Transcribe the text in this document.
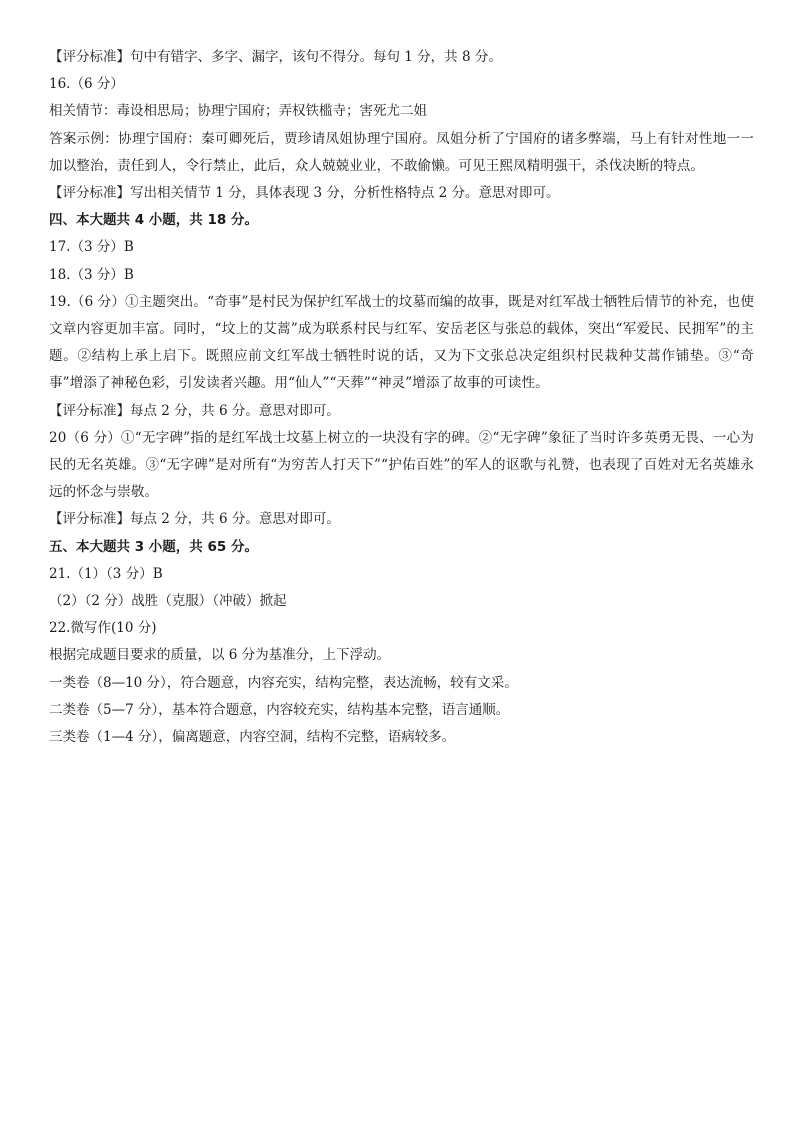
【评分标准】句中有错字、多字、漏字，该句不得分。每句 1 分，共 8 分。
16.（6 分）
相关情节：毒设相思局；协理宁国府；弄权铁槛寺；害死尤二姐
答案示例：协理宁国府：秦可卿死后，贾珍请凤姐协理宁国府。凤姐分析了宁国府的诸多弊端，马上有针对性地一一加以整治，责任到人，令行禁止，此后，众人兢兢业业，不敢偷懒。可见王熙凤精明强干，杀伐决断的特点。
【评分标准】写出相关情节 1 分，具体表现 3 分，分析性格特点 2 分。意思对即可。
四、本大题共 4 小题，共 18 分。
17.（3 分）B
18.（3 分）B
19.（6 分）①主题突出。“奇事”是村民为保护红军战士的坟墓而编的故事，既是对红军战士牺牲后情节的补充，也使文章内容更加丰富。同时，“坟上的艾蒿”成为联系村民与红军、安岳老区与张总的载体，突出“军爱民、民拥军”的主题。②结构上承上启下。既照应前文红军战士牺牲时说的话，又为下文张总决定组织村民栽种艾蒿作铺垫。③“奇事”增添了神秘色彩，引发读者兴趣。用“仙人”“天葬”“神灵”增添了故事的可读性。
【评分标准】每点 2 分，共 6 分。意思对即可。
20（6 分）①“无字碑”指的是红军战士坟墓上树立的一块没有字的碑。②“无字碑”象征了当时许多英勇无畏、一心为民的无名英雄。③“无字碑”是对所有“为穷苦人打天下”“护佑百姓”的军人的讴歌与礼赞，也表现了百姓对无名英雄永远的怀念与崇敬。
【评分标准】每点 2 分，共 6 分。意思对即可。
五、本大题共 3 小题，共 65 分。
21.（1）（3 分）B
（2）（2 分）战胜（克服）（冲破）掀起
22.微写作(10 分)
根据完成题目要求的质量，以 6 分为基准分，上下浮动。
一类卷（8—10 分），符合题意，内容充实，结构完整，表达流畅，较有文采。
二类卷（5—7 分），基本符合题意，内容较充实，结构基本完整，语言通顺。
三类卷（1—4 分），偏离题意，内容空洞，结构不完整，语病较多。
